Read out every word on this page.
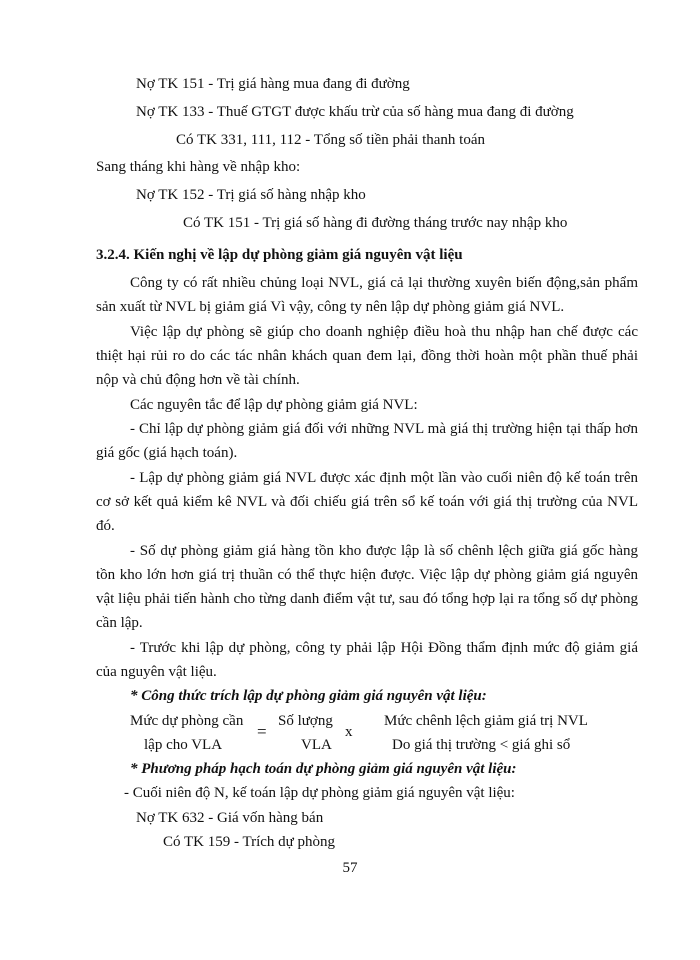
Nợ TK 151 - Trị giá hàng mua đang đi đường
Nợ TK 133 - Thuế GTGT được khấu trừ của số hàng mua đang đi đường
Có TK 331, 111, 112 - Tổng số tiền phải thanh toán
Sang tháng khi hàng về nhập kho:
Nợ TK 152 - Trị giá số hàng nhập kho
Có TK 151 - Trị giá số hàng đi đường tháng trước nay nhập kho
3.2.4. Kiến nghị về lập dự phòng giảm giá nguyên vật liệu
Công ty có rất nhiều chủng loại NVL, giá cả lại thường xuyên biến động,sản phẩm
sản xuất từ NVL bị giảm giá Vì vậy, công ty nên lập dự phòng giảm giá NVL.
Việc lập dự phòng sẽ giúp cho doanh nghiệp điều hoà thu nhập han chế được các
thiệt hại rủi ro do các tác nhân khách quan đem lại, đồng thời hoàn một phần thuế phải
nộp và chủ động hơn về tài chính.
Các nguyên tắc để lập dự phòng giảm giá NVL:
- Chỉ lập dự phòng giảm giá đối với những NVL mà giá thị trường hiện tại thấp hơn
giá gốc (giá hạch toán).
- Lập dự phòng giảm giá NVL được xác định một lần vào cuối niên độ kế toán trên
cơ sở kết quả kiểm kê NVL và đối chiếu giá trên sổ kế toán với giá thị trường của NVL
đó.
- Số dự phòng giảm giá hàng tồn kho được lập là số chênh lệch giữa giá gốc hàng
tồn kho lớn hơn giá trị thuần có thể thực hiện được. Việc lập dự phòng giảm giá nguyên
vật liệu phải tiến hành cho từng danh điểm vật tư, sau đó tổng hợp lại ra tổng số dự phòng
cần lập.
- Trước khi lập dự phòng, công ty phải lập Hội Đồng thẩm định mức độ giảm giá
của nguyên vật liệu.
* Công thức trích lập dự phòng giảm giá nguyên vật liệu:
Mức dự phòng cần
lập cho VLA
=
Số lượng
VLA
x
Mức chênh lệch giảm giá trị NVL
Do giá thị trường < giá ghi sổ
* Phương pháp hạch toán dự phòng giảm giá nguyên vật liệu:
- Cuối niên độ N, kế toán lập dự phòng giảm giá nguyên vật liệu:
Nợ TK 632 - Giá vốn hàng bán
Có TK 159 - Trích dự phòng
57
